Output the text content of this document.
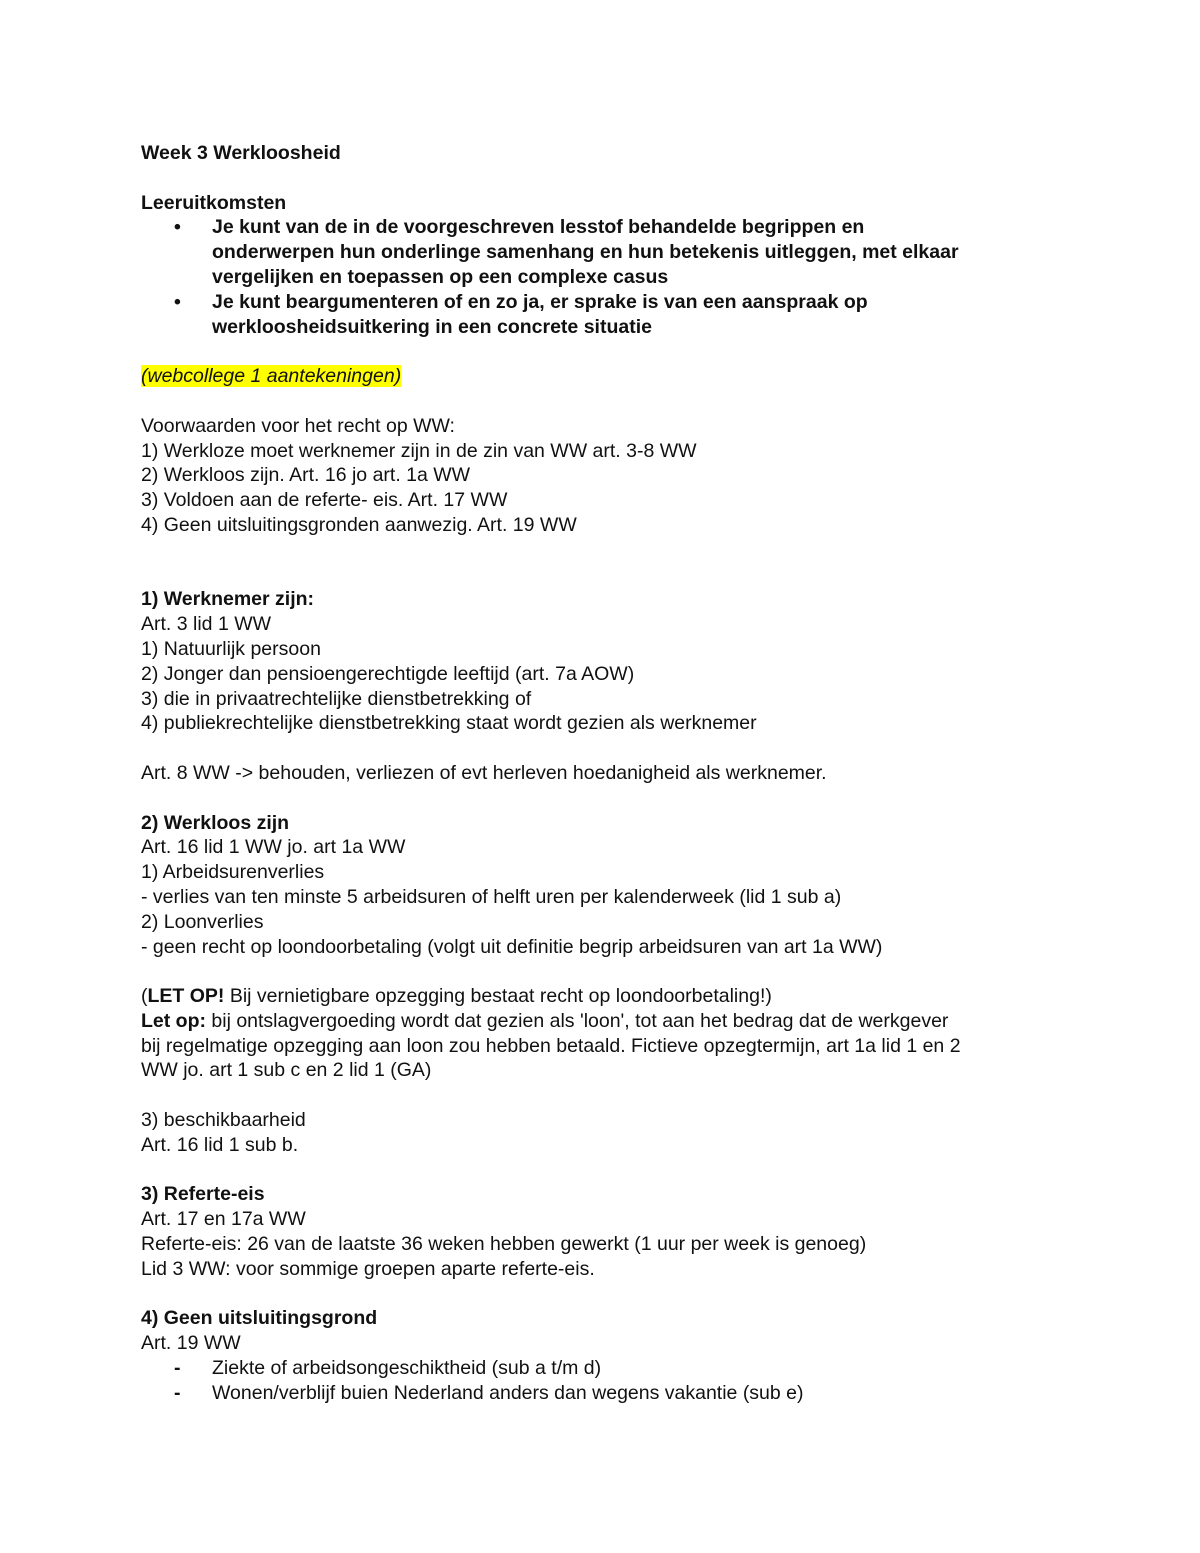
Week 3 Werkloosheid
Leeruitkomsten
• Je kunt van de in de voorgeschreven lesstof behandelde begrippen en
onderwerpen hun onderlinge samenhang en hun betekenis uitleggen, met elkaar
vergelijken en toepassen op een complexe casus
• Je kunt beargumenteren of en zo ja, er sprake is van een aanspraak op
werkloosheidsuitkering in een concrete situatie
(webcollege 1 aantekeningen)
Voorwaarden voor het recht op WW:
1) Werkloze moet werknemer zijn in de zin van WW art. 3-8 WW
2) Werkloos zijn. Art. 16 jo art. 1a WW
3) Voldoen aan de referte- eis. Art. 17 WW
4) Geen uitsluitingsgronden aanwezig. Art. 19 WW
1) Werknemer zijn:
Art. 3 lid 1 WW
1) Natuurlijk persoon
2) Jonger dan pensioengerechtigde leeftijd (art. 7a AOW)
3) die in privaatrechtelijke dienstbetrekking of
4) publiekrechtelijke dienstbetrekking staat wordt gezien als werknemer
Art. 8 WW -> behouden, verliezen of evt herleven hoedanigheid als werknemer.
2) Werkloos zijn
Art. 16 lid 1 WW jo. art 1a WW
1) Arbeidsurenverlies
- verlies van ten minste 5 arbeidsuren of helft uren per kalenderweek (lid 1 sub a)
2) Loonverlies
- geen recht op loondoorbetaling (volgt uit definitie begrip arbeidsuren van art 1a WW)
(LET OP! Bij vernietigbare opzegging bestaat recht op loondoorbetaling!)
Let op: bij ontslagvergoeding wordt dat gezien als 'loon', tot aan het bedrag dat de werkgever
bij regelmatige opzegging aan loon zou hebben betaald. Fictieve opzegtermijn, art 1a lid 1 en 2
WW jo. art 1 sub c en 2 lid 1 (GA)
3) beschikbaarheid
Art. 16 lid 1 sub b.
3) Referte-eis
Art. 17 en 17a WW
Referte-eis: 26 van de laatste 36 weken hebben gewerkt (1 uur per week is genoeg)
Lid 3 WW: voor sommige groepen aparte referte-eis.
4) Geen uitsluitingsgrond
Art. 19 WW
- Ziekte of arbeidsongeschiktheid (sub a t/m d)
- Wonen/verblijf buien Nederland anders dan wegens vakantie (sub e)
